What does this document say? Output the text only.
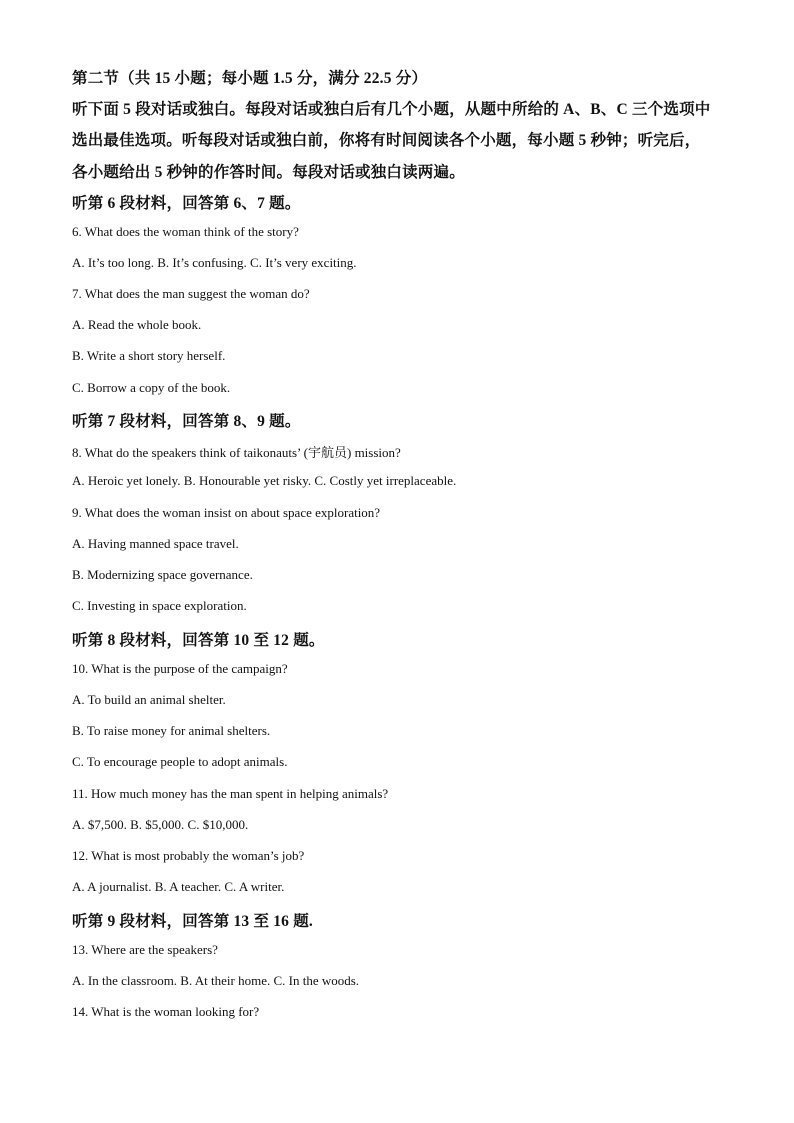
第二节（共 15 小题；每小题 1.5 分，满分 22.5 分）
听下面 5 段对话或独白。每段对话或独白后有几个小题，从题中所给的 A、B、C 三个选项中
选出最佳选项。听每段对话或独白前，你将有时间阅读各个小题，每小题 5 秒钟；听完后，
各小题给出 5 秒钟的作答时间。每段对话或独白读两遍。
听第 6 段材料，回答第 6、7 题。
6. What does the woman think of the story?
A. It’s too long. B. It’s confusing. C. It’s very exciting.
7. What does the man suggest the woman do?
A. Read the whole book.
B. Write a short story herself.
C. Borrow a copy of the book.
听第 7 段材料，回答第 8、9 题。
8. What do the speakers think of taikonauts’ (宇航员) mission?
A. Heroic yet lonely. B. Honourable yet risky. C. Costly yet irreplaceable.
9. What does the woman insist on about space exploration?
A. Having manned space travel.
B. Modernizing space governance.
C. Investing in space exploration.
听第 8 段材料，回答第 10 至 12 题。
10. What is the purpose of the campaign?
A. To build an animal shelter.
B. To raise money for animal shelters.
C. To encourage people to adopt animals.
11. How much money has the man spent in helping animals?
A. $7,500. B. $5,000. C. $10,000.
12. What is most probably the woman’s job?
A. A journalist. B. A teacher. C. A writer.
听第 9 段材料，回答第 13 至 16 题.
13. Where are the speakers?
A. In the classroom. B. At their home. C. In the woods.
14. What is the woman looking for?
